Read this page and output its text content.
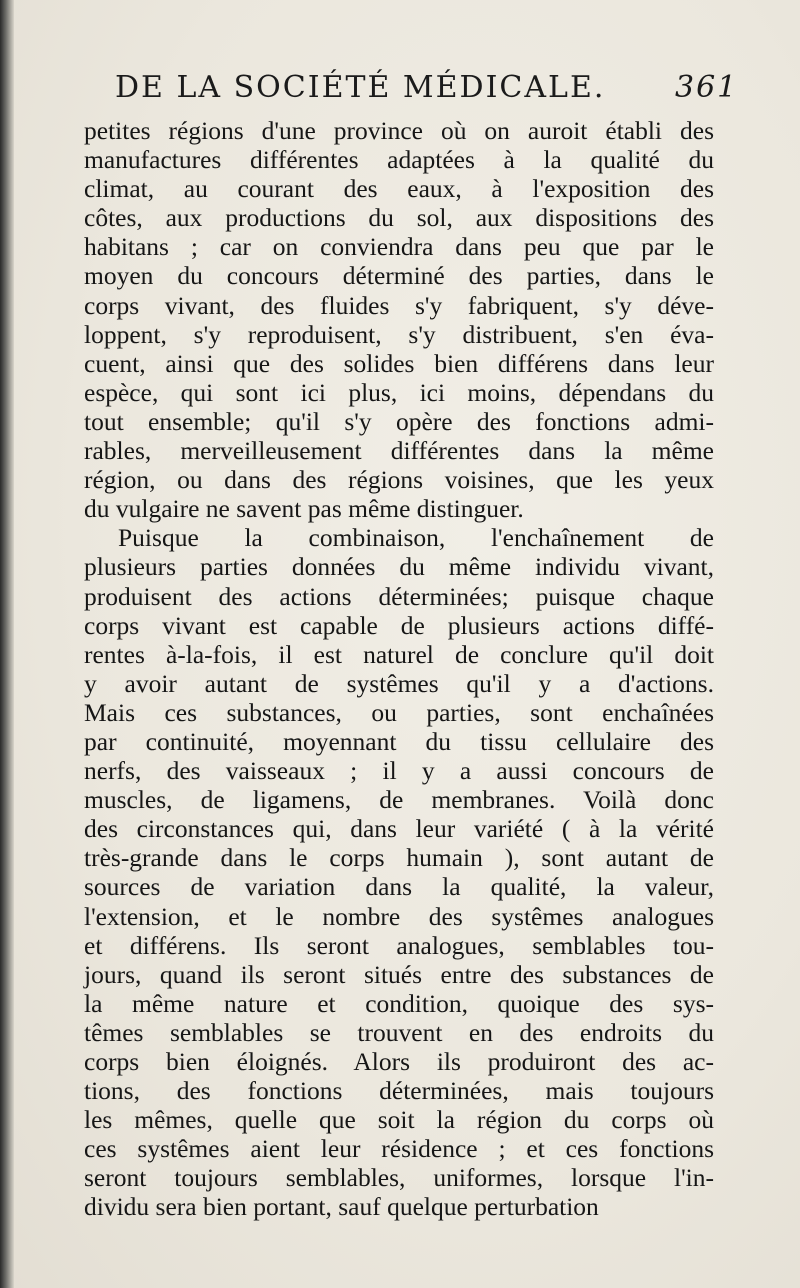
DE LA SOCIÉTÉ MÉDICALE. 361
petites régions d'une province où on auroit établi des
manufactures différentes adaptées à la qualité du
climat, au courant des eaux, à l'exposition des
côtes, aux productions du sol, aux dispositions des
habitans ; car on conviendra dans peu que par le
moyen du concours déterminé des parties, dans le
corps vivant, des fluides s'y fabriquent, s'y déve-
loppent, s'y reproduisent, s'y distribuent, s'en éva-
cuent, ainsi que des solides bien différens dans leur
espèce, qui sont ici plus, ici moins, dépendans du
tout ensemble; qu'il s'y opère des fonctions admi-
rables, merveilleusement différentes dans la même
région, ou dans des régions voisines, que les yeux
du vulgaire ne savent pas même distinguer.
Puisque la combinaison, l'enchaînement de
plusieurs parties données du même individu vivant,
produisent des actions déterminées; puisque chaque
corps vivant est capable de plusieurs actions diffé-
rentes à-la-fois, il est naturel de conclure qu'il doit
y avoir autant de systêmes qu'il y a d'actions.
Mais ces substances, ou parties, sont enchaînées
par continuité, moyennant du tissu cellulaire des
nerfs, des vaisseaux ; il y a aussi concours de
muscles, de ligamens, de membranes. Voilà donc
des circonstances qui, dans leur variété ( à la vérité
très-grande dans le corps humain ), sont autant de
sources de variation dans la qualité, la valeur,
l'extension, et le nombre des systêmes analogues
et différens. Ils seront analogues, semblables tou-
jours, quand ils seront situés entre des substances de
la même nature et condition, quoique des sys-
têmes semblables se trouvent en des endroits du
corps bien éloignés. Alors ils produiront des ac-
tions, des fonctions déterminées, mais toujours
les mêmes, quelle que soit la région du corps où
ces systêmes aient leur résidence ; et ces fonctions
seront toujours semblables, uniformes, lorsque l'in-
dividu sera bien portant, sauf quelque perturbation
